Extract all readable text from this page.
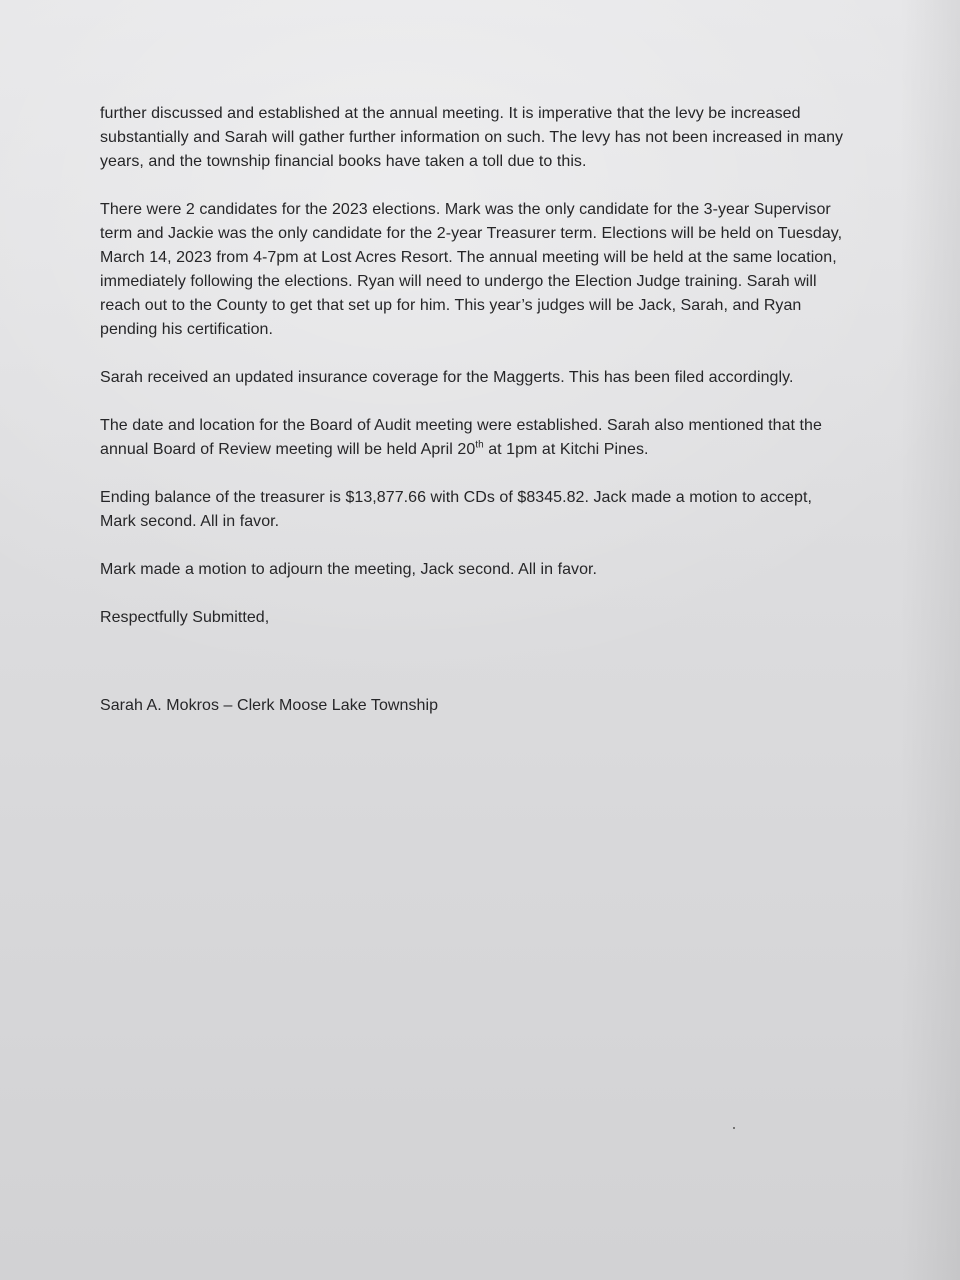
further discussed and established at the annual meeting. It is imperative that the levy be increased
substantially and Sarah will gather further information on such. The levy has not been increased in many
years, and the township financial books have taken a toll due to this.

There were 2 candidates for the 2023 elections. Mark was the only candidate for the 3-year Supervisor
term and Jackie was the only candidate for the 2-year Treasurer term. Elections will be held on Tuesday,
March 14, 2023 from 4-7pm at Lost Acres Resort. The annual meeting will be held at the same location,
immediately following the elections. Ryan will need to undergo the Election Judge training. Sarah will
reach out to the County to get that set up for him. This year’s judges will be Jack, Sarah, and Ryan
pending his certification.

Sarah received an updated insurance coverage for the Maggerts. This has been filed accordingly.

The date and location for the Board of Audit meeting were established. Sarah also mentioned that the
annual Board of Review meeting will be held April 20th at 1pm at Kitchi Pines.

Ending balance of the treasurer is $13,877.66 with CDs of $8345.82. Jack made a motion to accept,
Mark second. All in favor.

Mark made a motion to adjourn the meeting, Jack second. All in favor.

Respectfully Submitted,

Sarah A. Mokros – Clerk Moose Lake Township
